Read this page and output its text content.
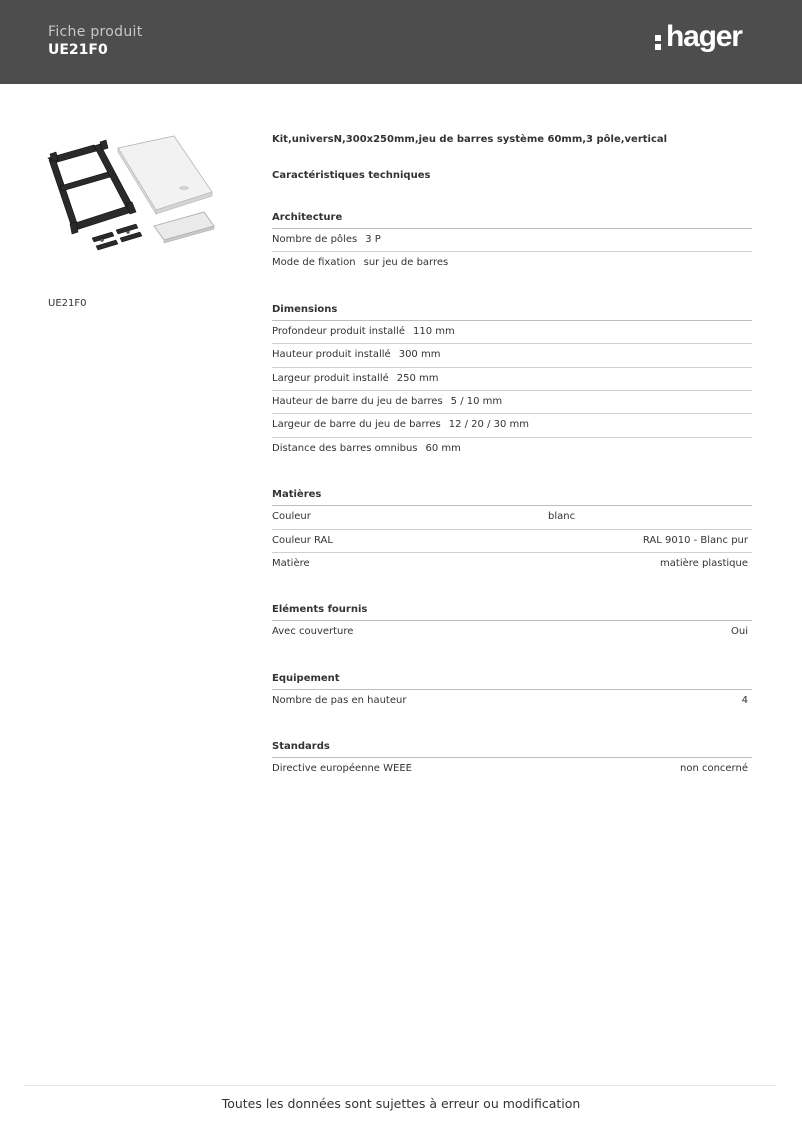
Fiche produit
UE21F0	hager
UE21F0
Kit,universN,300x250mm,jeu de barres système 60mm,3 pôle,vertical
Caractéristiques techniques
Architecture
Nombre de pôles 3 P
Mode de fixation sur jeu de barres
Dimensions
Profondeur produit installé 110 mm
Hauteur produit installé 300 mm
Largeur produit installé 250 mm
Hauteur de barre du jeu de barres 5 / 10 mm
Largeur de barre du jeu de barres 12 / 20 / 30 mm
Distance des barres omnibus 60 mm
Matières
Couleur	blanc
Couleur RAL	RAL 9010 - Blanc pur
Matière	matière plastique
Eléments fournis
Avec couverture	Oui
Equipement
Nombre de pas en hauteur	4
Standards
Directive européenne WEEE	non concerné
Toutes les données sont sujettes à erreur ou modification
